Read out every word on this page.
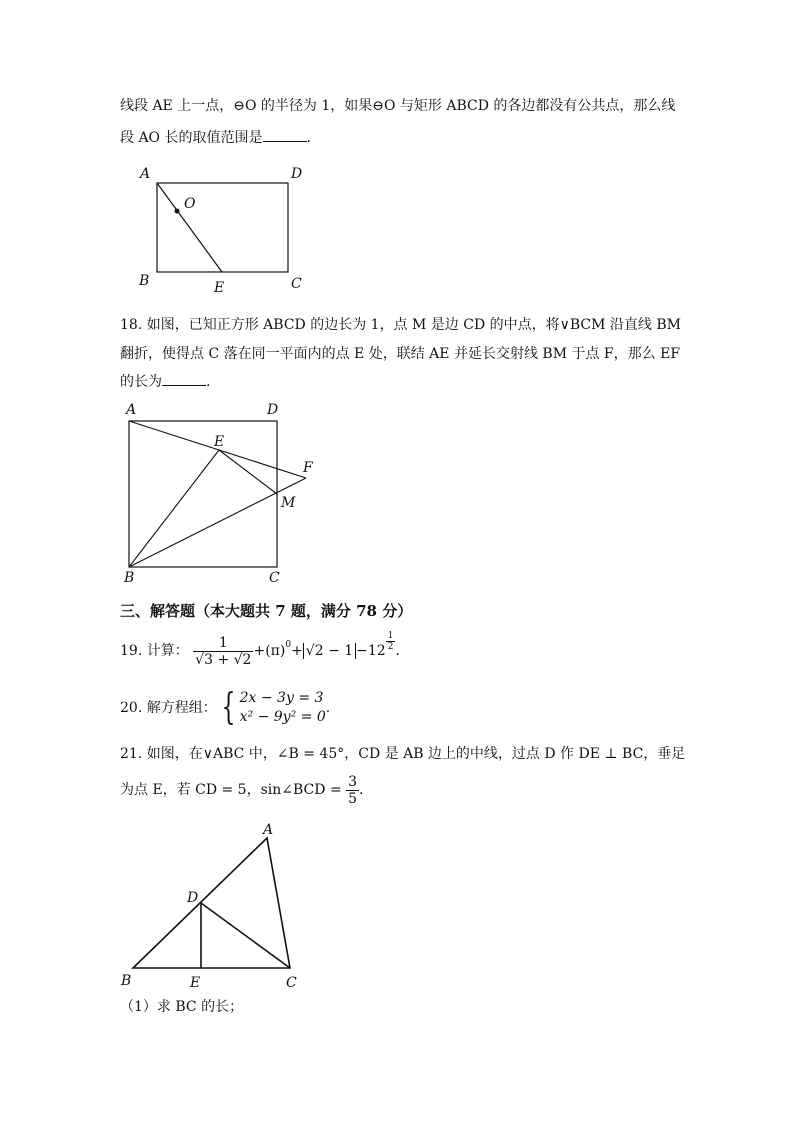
线段 AE 上一点，⊖O 的半径为 1，如果⊖O 与矩形 ABCD 的各边都没有公共点，那么线
段 AO 长的取值范围是	.
A	D
B	C
E
O
18. 如图，已知正方形 ABCD 的边长为 1，点 M 是边 CD 的中点，将∨BCM 沿直线 BM
翻折，使得点 C 落在同一平面内的点 E 处，联结 AE 并延长交射线 BM 于点 F，那么 EF
的长为	.
A	D
B	C
E
F
M
三、解答题（本大题共 7 题，满分 78 分）
19. 计算： $\frac{1}{√3 + √2} +(\pi)^0+ √2 - 1 -12 \frac{1}{2}$ .
20. 解方程组： { 2x − 3y = 3
x² − 9y² = 0
.
21. 如图，在∨ABC 中，∠B = 45°，CD 是 AB 边上的中线，过点 D 作 DE ⊥ BC，垂足
为点 E，若 CD = 5，sin∠BCD = $\frac{3}{5}$ .
A
D
B	E	C
（1）求 BC 的长；
